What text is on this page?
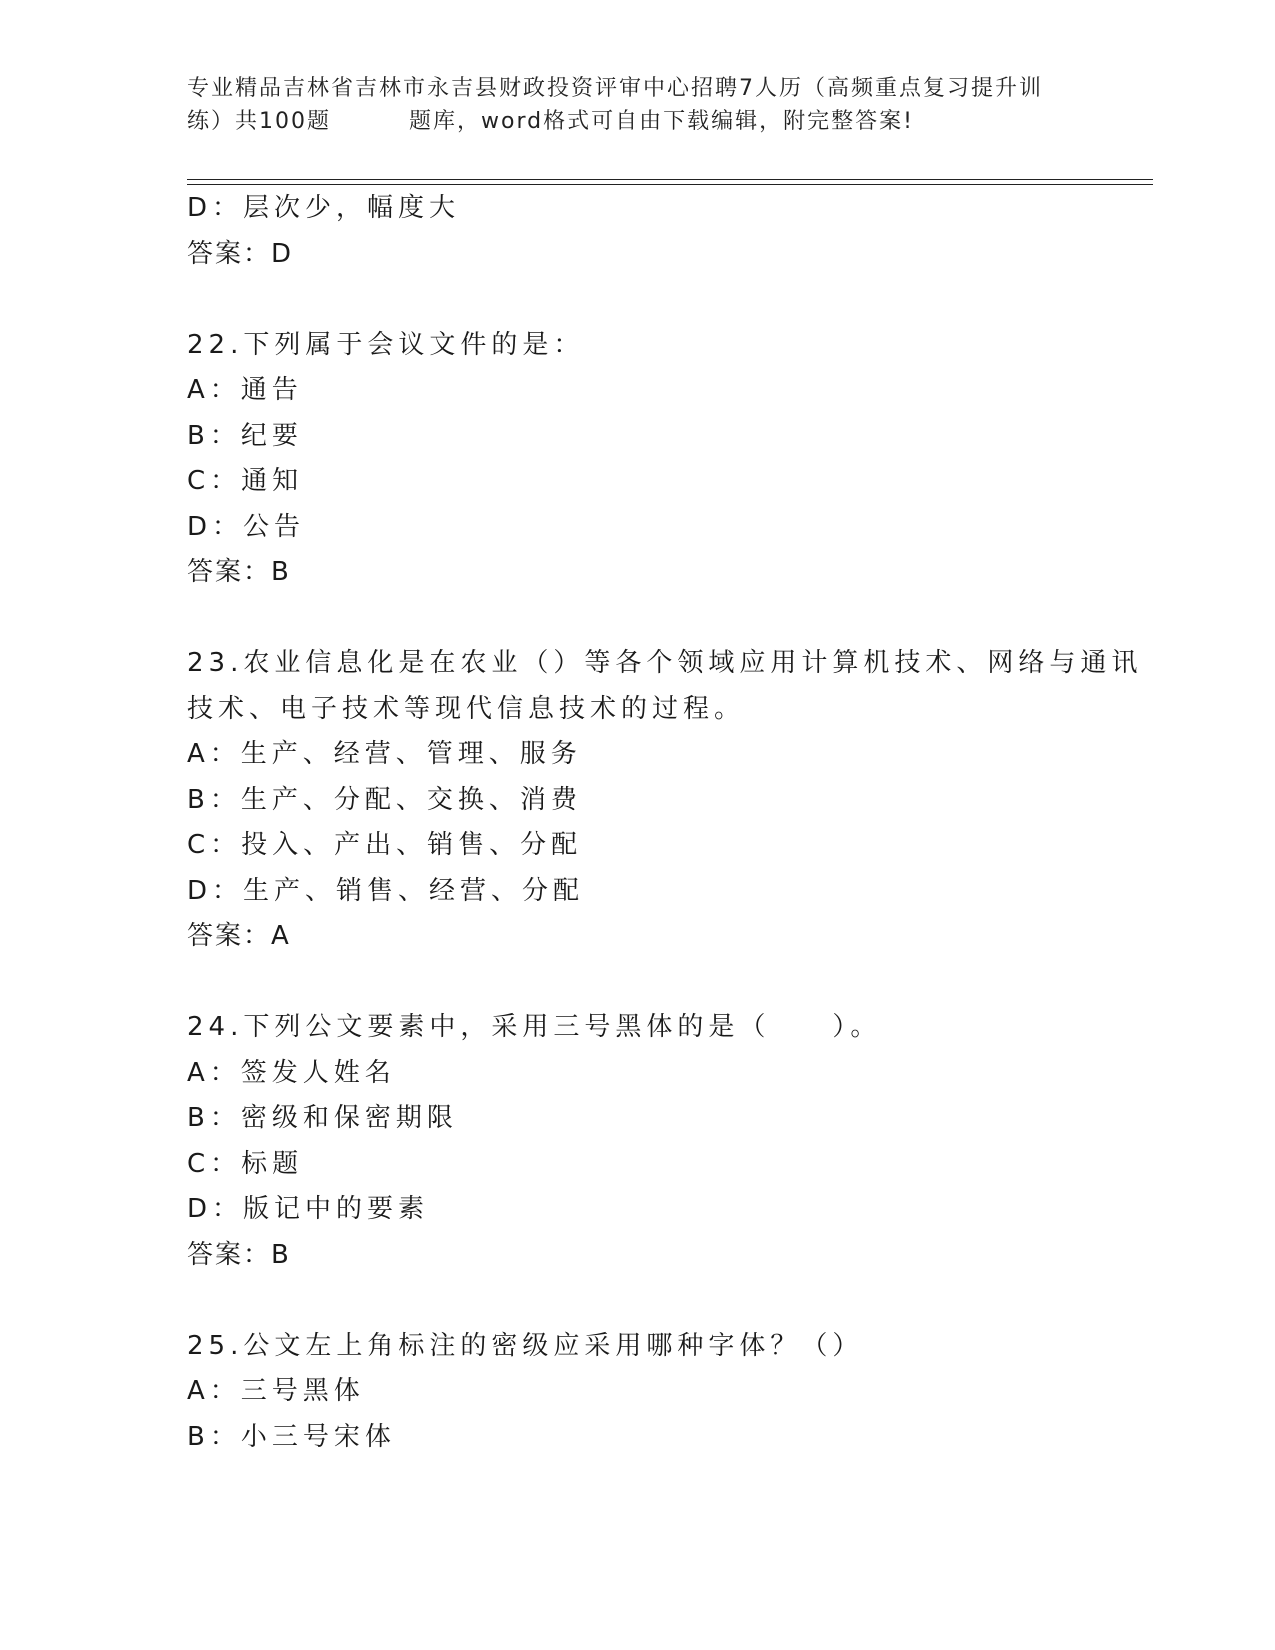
专业精品吉林省吉林市永吉县财政投资评审中心招聘7人历（高频重点复习提升训
练）共100题	题库，word格式可自由下载编辑，附完整答案!
D：层次少，幅度大
答案：D
22.下列属于会议文件的是：
A：通告
B：纪要
C：通知
D：公告
答案：B
23.农业信息化是在农业（）等各个领域应用计算机技术、网络与通讯
技术、电子技术等现代信息技术的过程。
A：生产、经营、管理、服务
B：生产、分配、交换、消费
C：投入、产出、销售、分配
D：生产、销售、经营、分配
答案：A
24.下列公文要素中，采用三号黑体的是（　　）。
A：签发人姓名
B：密级和保密期限
C：标题
D：版记中的要素
答案：B
25.公文左上角标注的密级应采用哪种字体？（）
A：三号黑体
B：小三号宋体
